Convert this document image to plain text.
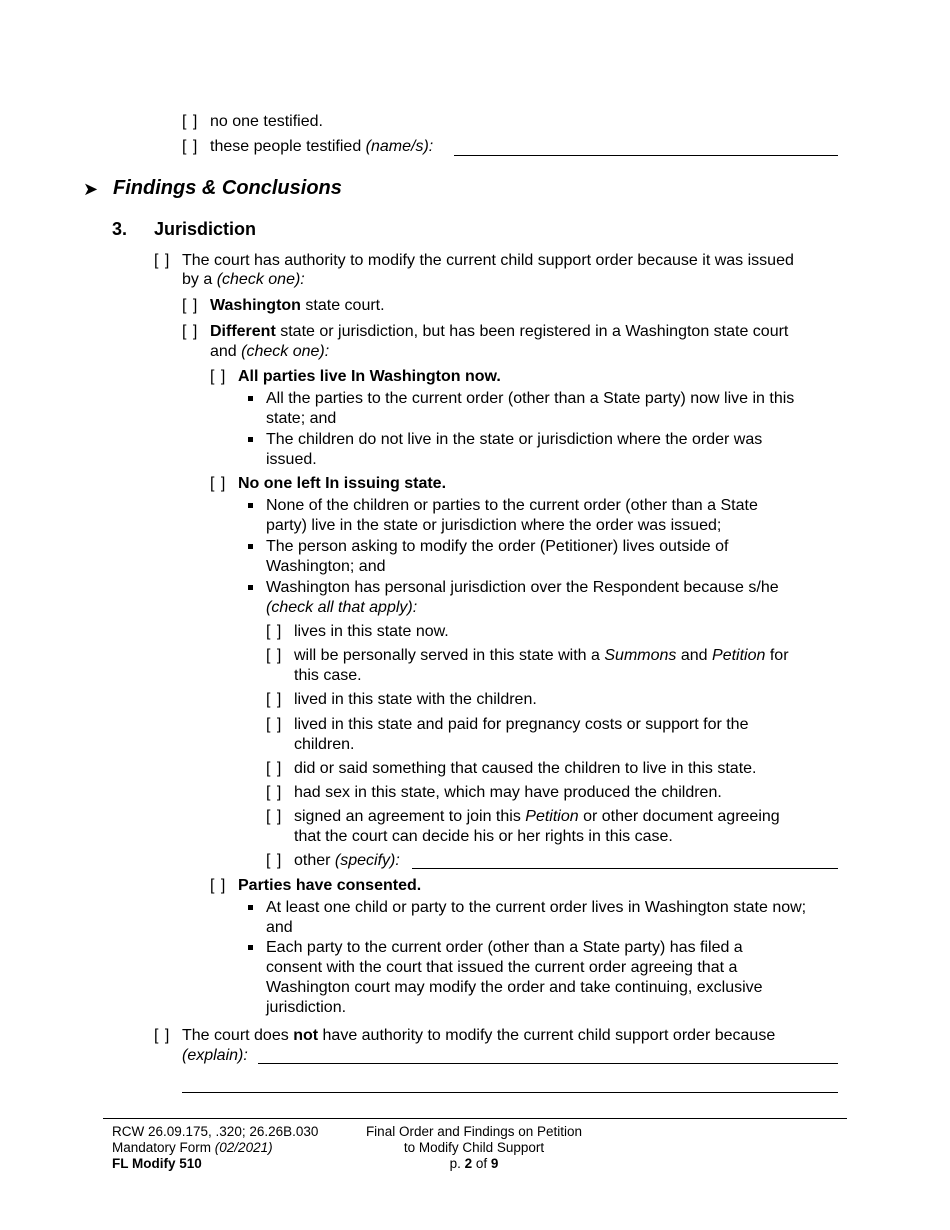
[ ] no one testified.
[ ] these people testified (name/s):
➤ Findings & Conclusions
3. Jurisdiction
[ ] The court has authority to modify the current child support order because it was issued
by a (check one):
[ ] Washington state court.
[ ] Different state or jurisdiction, but has been registered in a Washington state court
and (check one):
[ ] All parties live In Washington now.
All the parties to the current order (other than a State party) now live in this
state; and
The children do not live in the state or jurisdiction where the order was
issued.
[ ] No one left In issuing state.
None of the children or parties to the current order (other than a State
party) live in the state or jurisdiction where the order was issued;
The person asking to modify the order (Petitioner) lives outside of
Washington; and
Washington has personal jurisdiction over the Respondent because s/he
(check all that apply):
[ ] lives in this state now.
[ ] will be personally served in this state with a Summons and Petition for
this case.
[ ] lived in this state with the children.
[ ] lived in this state and paid for pregnancy costs or support for the
children.
[ ] did or said something that caused the children to live in this state.
[ ] had sex in this state, which may have produced the children.
[ ] signed an agreement to join this Petition or other document agreeing
that the court can decide his or her rights in this case.
[ ] other (specify):
[ ] Parties have consented.
At least one child or party to the current order lives in Washington state now;
and
Each party to the current order (other than a State party) has filed a
consent with the court that issued the current order agreeing that a
Washington court may modify the order and take continuing, exclusive
jurisdiction.
[ ] The court does not have authority to modify the current child support order because
(explain):
RCW 26.09.175, .320; 26.26B.030
Mandatory Form (02/2021)
FL Modify 510
Final Order and Findings on Petition
to Modify Child Support
p. 2 of 9
